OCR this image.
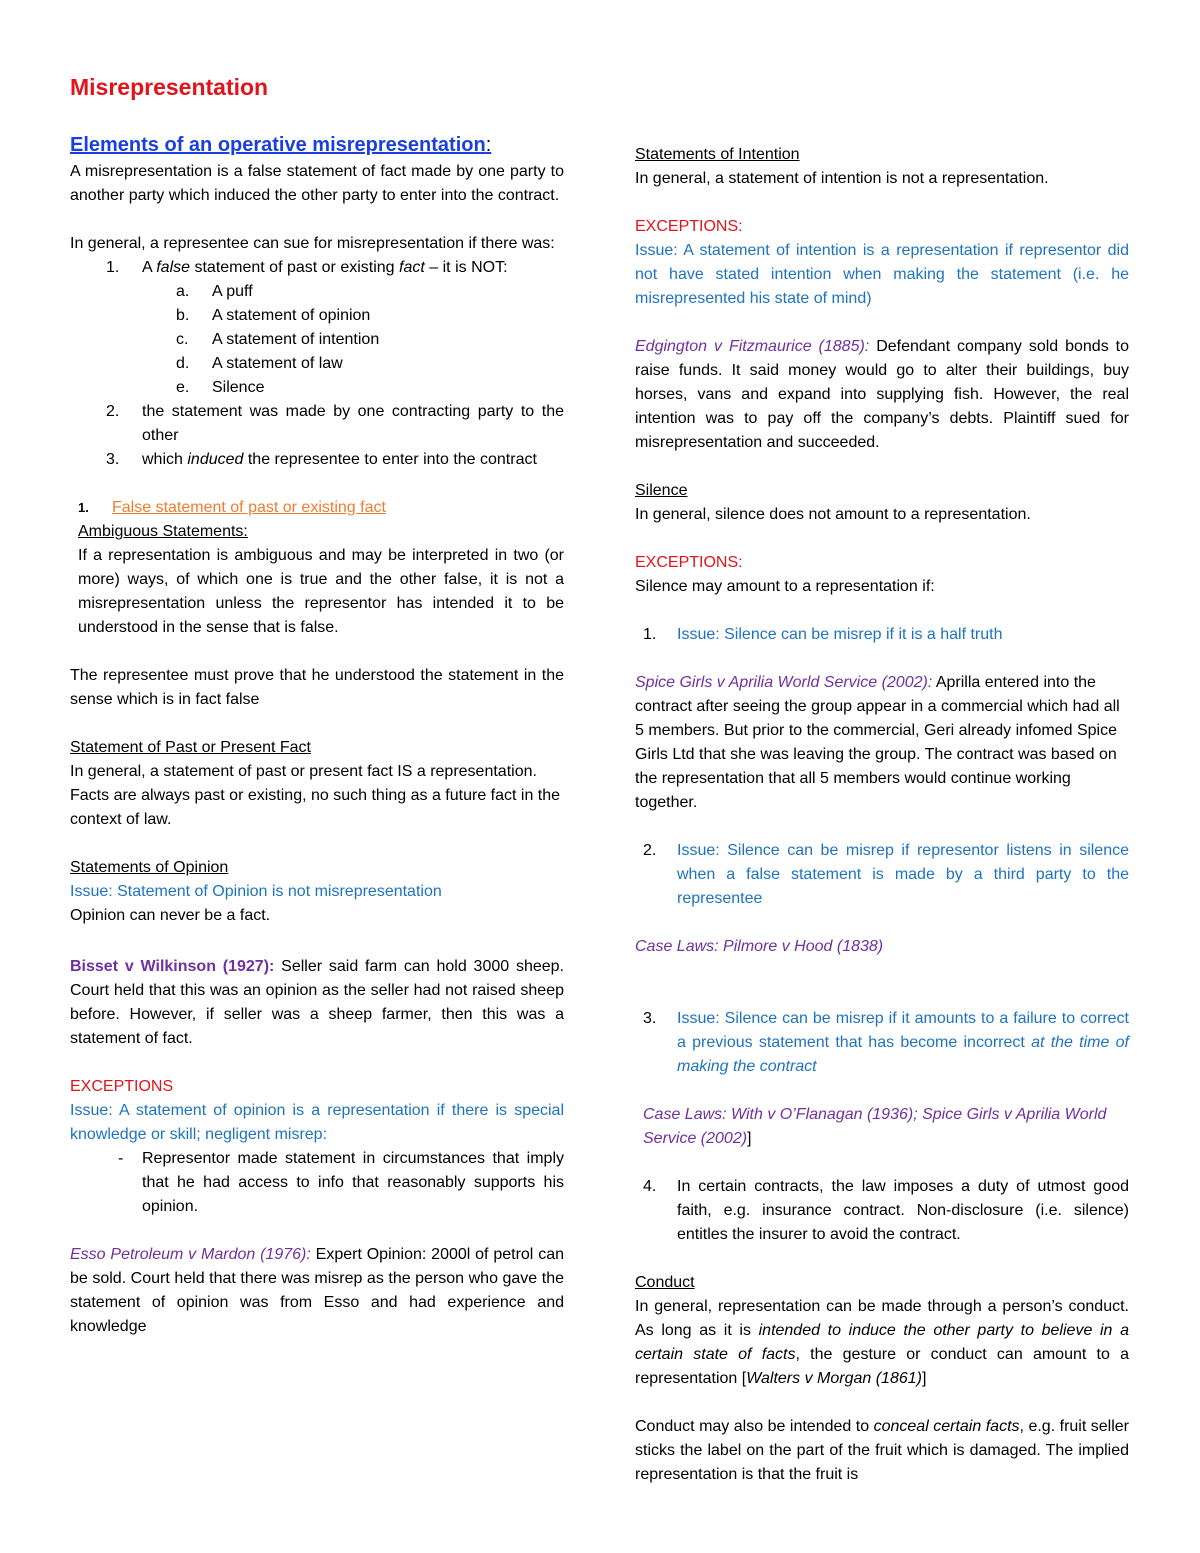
Misrepresentation
Elements of an operative misrepresentation:

A misrepresentation is a false statement of fact made by one party to another party which induced the other party to enter into the contract.

In general, a representee can sue for misrepresentation if there was:

1. A false statement of past or existing fact – it is NOT:
a. A puff
b. A statement of opinion
c. A statement of intention
d. A statement of law
e. Silence
2. the statement was made by one contracting party to the other
3. which induced the representee to enter into the contract
1. False statement of past or existing fact

Ambiguous Statements:

If a representation is ambiguous and may be interpreted in two (or more) ways, of which one is true and the other false, it is not a misrepresentation unless the representor has intended it to be understood in the sense that is false.

The representee must prove that he understood the statement in the sense which is in fact false

Statement of Past or Present Fact

In general, a statement of past or present fact IS a representation.

Facts are always past or existing, no such thing as a future fact in the context of law.

Statements of Opinion

Issue: Statement of Opinion is not misrepresentation

Opinion can never be a fact.

Bisset v Wilkinson (1927): Seller said farm can hold 3000 sheep. Court held that this was an opinion as the seller had not raised sheep before. However, if seller was a sheep farmer, then this was a statement of fact.

EXCEPTIONS

Issue: A statement of opinion is a representation if there is special knowledge or skill; negligent misrep:

- Representor made statement in circumstances that imply that he had access to info that reasonably supports his opinion.

Esso Petroleum v Mardon (1976): Expert Opinion: 2000l of petrol can be sold. Court held that there was misrep as the person who gave the statement of opinion was from Esso and had experience and knowledge

Statements of Intention

In general, a statement of intention is not a representation.

EXCEPTIONS:

Issue: A statement of intention is a representation if representor did not have stated intention when making the statement (i.e. he misrepresented his state of mind)

Edgington v Fitzmaurice (1885): Defendant company sold bonds to raise funds. It said money would go to alter their buildings, buy horses, vans and expand into supplying fish. However, the real intention was to pay off the company’s debts. Plaintiff sued for misrepresentation and succeeded.

Silence

In general, silence does not amount to a representation.

EXCEPTIONS:

Silence may amount to a representation if:

1. Issue: Silence can be misrep if it is a half truth

Spice Girls v Aprilia World Service (2002): Aprilla entered into the contract after seeing the group appear in a commercial which had all 5 members. But prior to the commercial, Geri already infomed Spice Girls Ltd that she was leaving the group. The contract was based on the representation that all 5 members would continue working together.

2. Issue: Silence can be misrep if representor listens in silence when a false statement is made by a third party to the representee

Case Laws: Pilmore v Hood (1838)

3. Issue: Silence can be misrep if it amounts to a failure to correct a previous statement that has become incorrect at the time of making the contract

Case Laws: With v O’Flanagan (1936); Spice Girls v Aprilia World Service (2002)]

4. In certain contracts, the law imposes a duty of utmost good faith, e.g. insurance contract. Non-disclosure (i.e. silence) entitles the insurer to avoid the contract.

Conduct

In general, representation can be made through a person’s conduct. As long as it is intended to induce the other party to believe in a certain state of facts, the gesture or conduct can amount to a representation [Walters v Morgan (1861)]

Conduct may also be intended to conceal certain facts, e.g. fruit seller sticks the label on the part of the fruit which is damaged. The implied representation is that the fruit is
